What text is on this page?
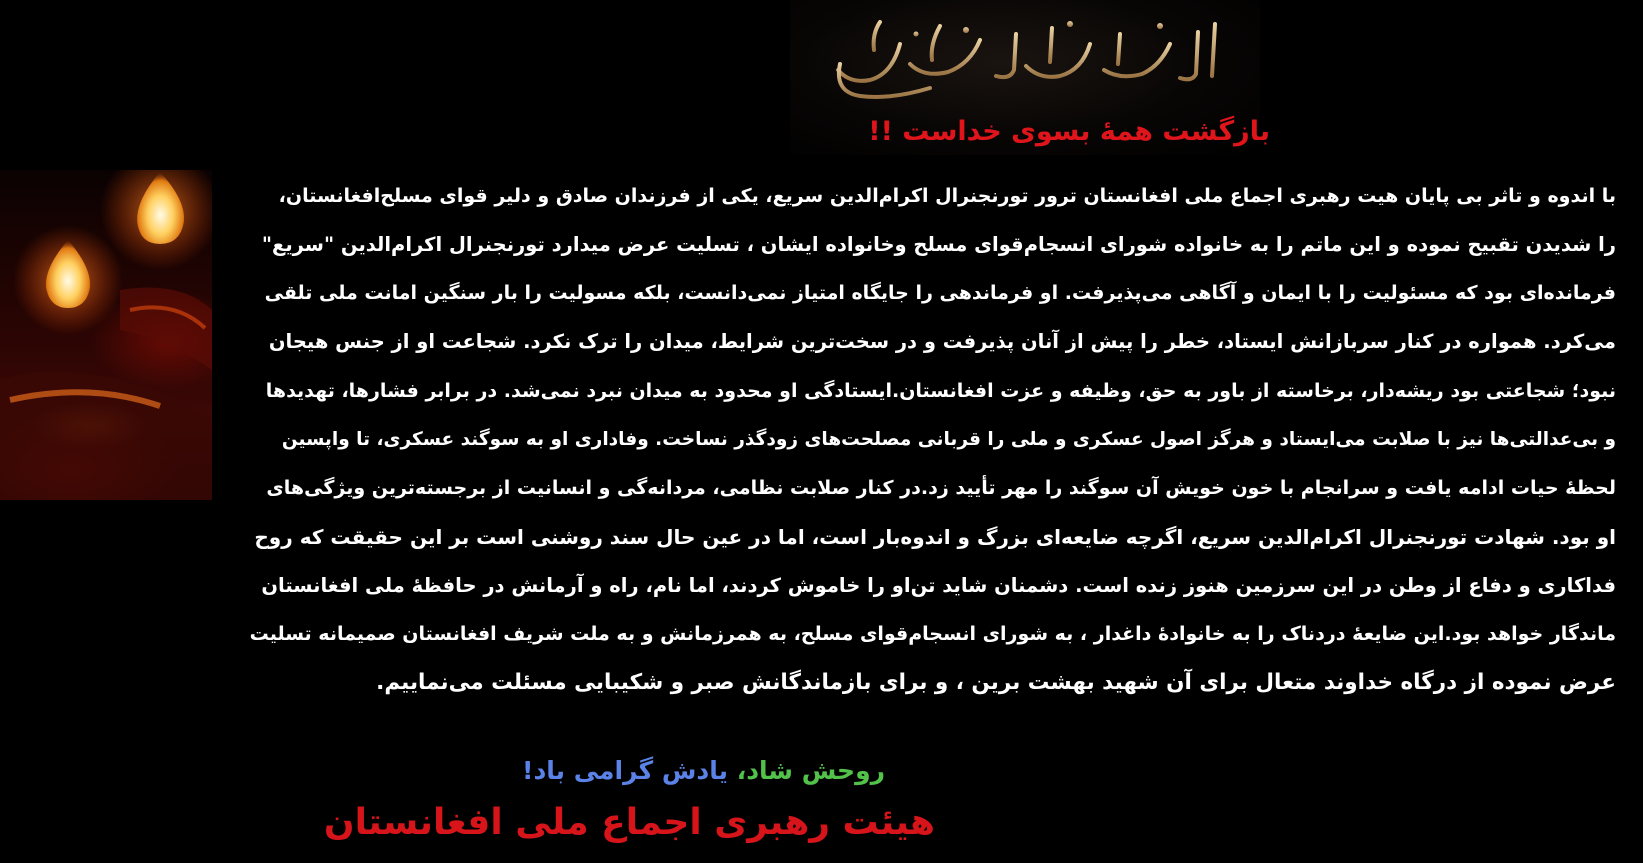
بازگشت همهٔ بسوی خداست !!
با اندوه و تاثر بی پایان هیت رهبری اجماع ملی افغانستان ترور تورنجنرال اکرام‌الدین سریع، یکی از فرزندان صادق و دلیر قوای مسلح‌افغانستان،
را شدیدن تقبیح نموده و این ماتم را به خانواده شورای انسجام‌قوای مسلح وخانواده ایشان ، تسلیت عرض میدارد تورنجنرال اکرام‌الدین "سریع"
فرمانده‌ای بود که مسئولیت را با ایمان و آگاهی می‌پذیرفت. او فرماندهی را جایگاه امتیاز نمی‌دانست، بلکه مسولیت را بار سنگین امانت ملی تلقی
می‌کرد. همواره در کنار سربازانش ایستاد، خطر را پیش از آنان پذیرفت و در سخت‌ترین شرایط، میدان را ترک نکرد. شجاعت او از جنس هیجان
نبود؛ شجاعتی بود ریشه‌دار، برخاسته از باور به حق، وظیفه و عزت افغانستان.ایستادگی او محدود به میدان نبرد نمی‌شد. در برابر فشارها، تهدیدها
و بی‌عدالتی‌ها نیز با صلابت می‌ایستاد و هرگز اصول عسکری و ملی را قربانی مصلحت‌های زودگذر نساخت. وفاداری او به سوگند عسکری، تا واپسین
لحظهٔ حیات ادامه یافت و سرانجام با خون خویش آن سوگند را مهر تأیید زد.در کنار صلابت نظامی، مردانه‌گی و انسانیت از برجسته‌ترین ویژگی‌های
او بود. شهادت تورنجنرال اکرام‌الدین سریع، اگرچه ضایعه‌ای بزرگ و اندوه‌بار است، اما در عین حال سند روشنی است بر این حقیقت که روح
فداکاری و دفاع از وطن در این سرزمین هنوز زنده است. دشمنان شاید تن‌او را خاموش کردند، اما نام، راه و آرمانش در حافظهٔ ملی افغانستان
ماندگار خواهد بود.این ضایعهٔ دردناک را به خانوادهٔ داغدار ، به شورای انسجام‌قوای مسلح، به همرزمانش و به ملت شریف افغانستان صمیمانه تسلیت
عرض نموده از درگاه خداوند متعال برای آن شهید بهشت برین ، و برای بازماندگانش صبر و شکیبایی مسئلت می‌نماییم.
روحش شاد، یادش گرامی باد!
هیئت رهبری اجماع ملی افغانستان
